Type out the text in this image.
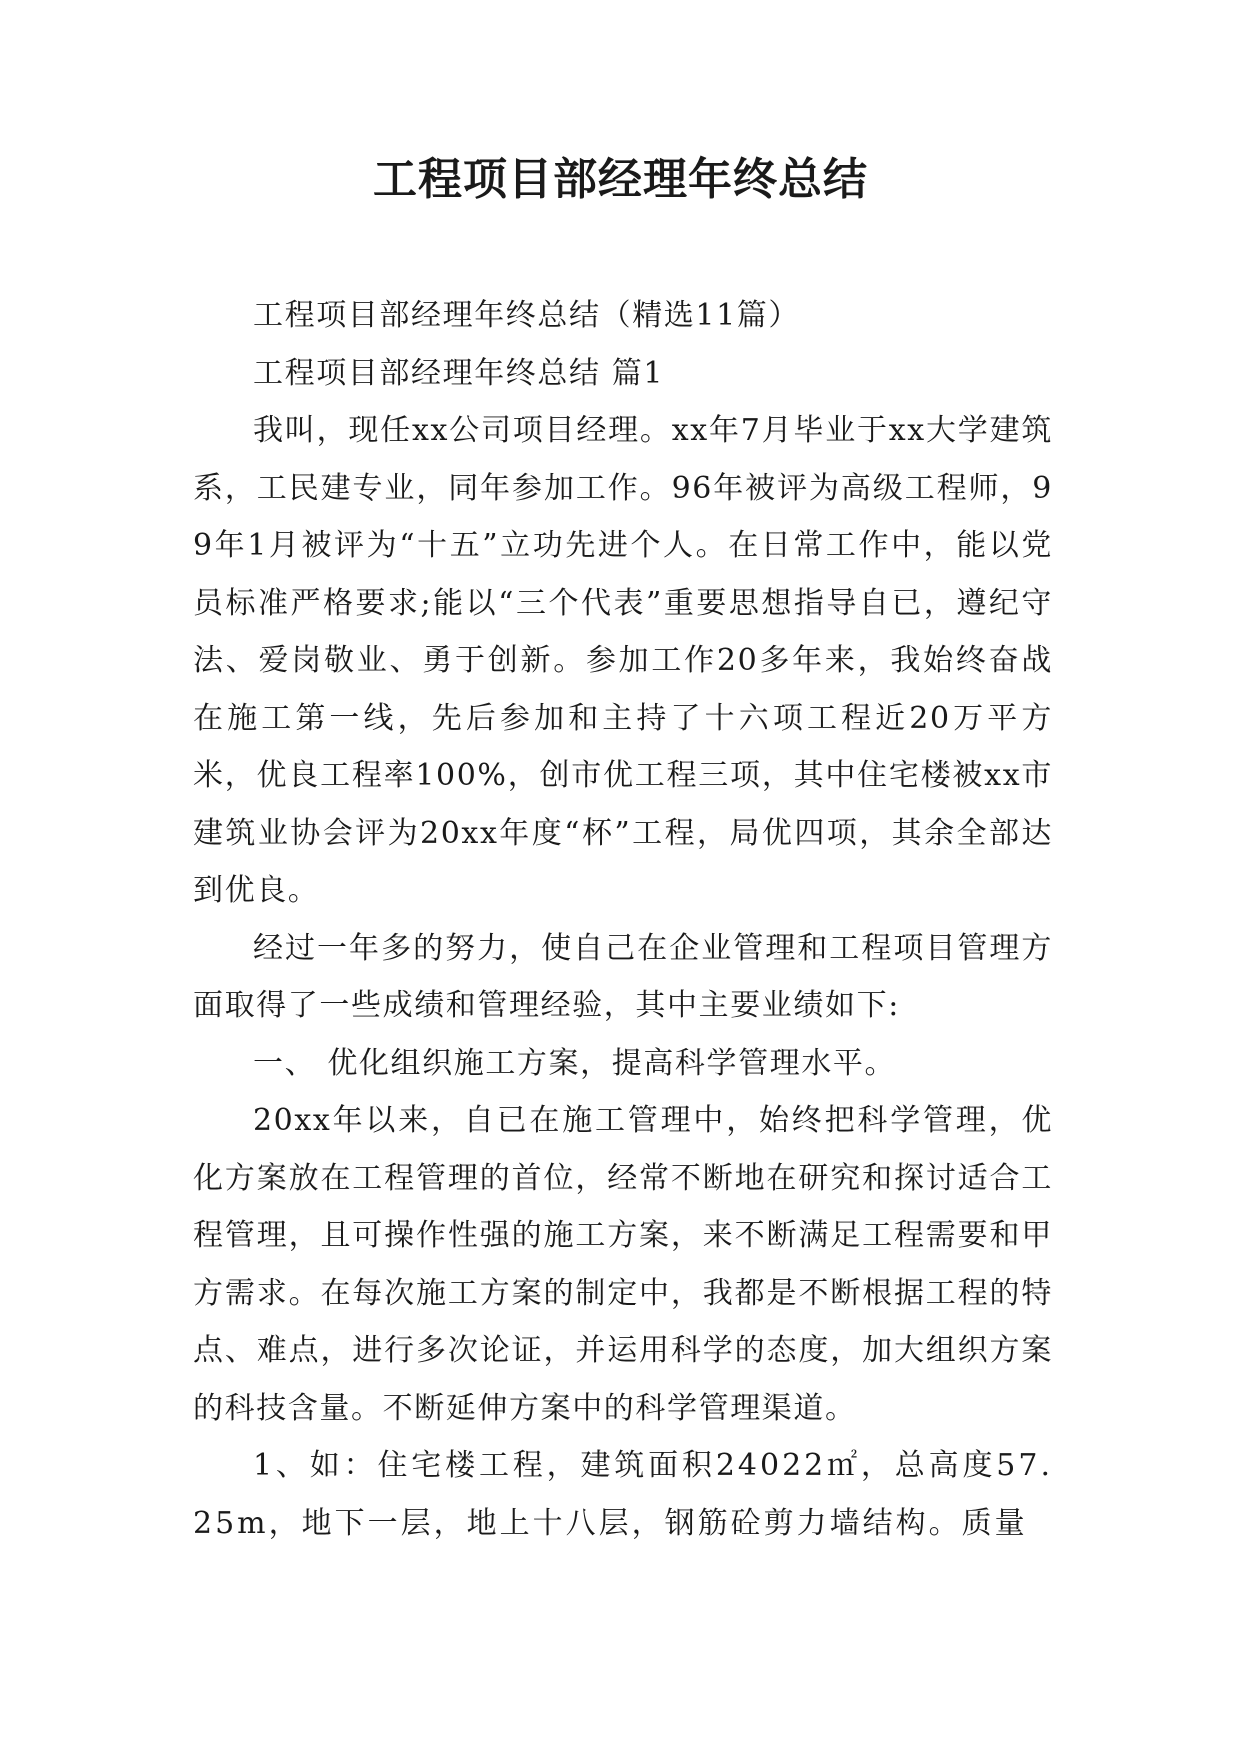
工程项目部经理年终总结

工程项目部经理年终总结（精选11篇）

工程项目部经理年终总结 篇1

我叫，现任xx公司项目经理。xx年7月毕业于xx大学建筑系，工民建专业，同年参加工作。96年被评为高级工程师，99年1月被评为“十五”立功先进个人。在日常工作中，能以党员标准严格要求;能以“三个代表”重要思想指导自已，遵纪守法、爱岗敬业、勇于创新。参加工作20多年来，我始终奋战在施工第一线，先后参加和主持了十六项工程近20万平方米，优良工程率100%，创市优工程三项，其中住宅楼被xx市建筑业协会评为20xx年度“杯”工程，局优四项，其余全部达到优良。

经过一年多的努力，使自己在企业管理和工程项目管理方面取得了一些成绩和管理经验，其中主要业绩如下:

一、 优化组织施工方案，提高科学管理水平。

20xx年以来，自已在施工管理中，始终把科学管理，优化方案放在工程管理的首位，经常不断地在研究和探讨适合工程管理，且可操作性强的施工方案，来不断满足工程需要和甲方需求。在每次施工方案的制定中，我都是不断根据工程的特点、难点，进行多次论证，并运用科学的态度，加大组织方案的科技含量。不断延伸方案中的科学管理渠道。

1、如：住宅楼工程，建筑面积24022㎡，总高度57.25m，地下一层，地上十八层，钢筋砼剪力墙结构。质量
